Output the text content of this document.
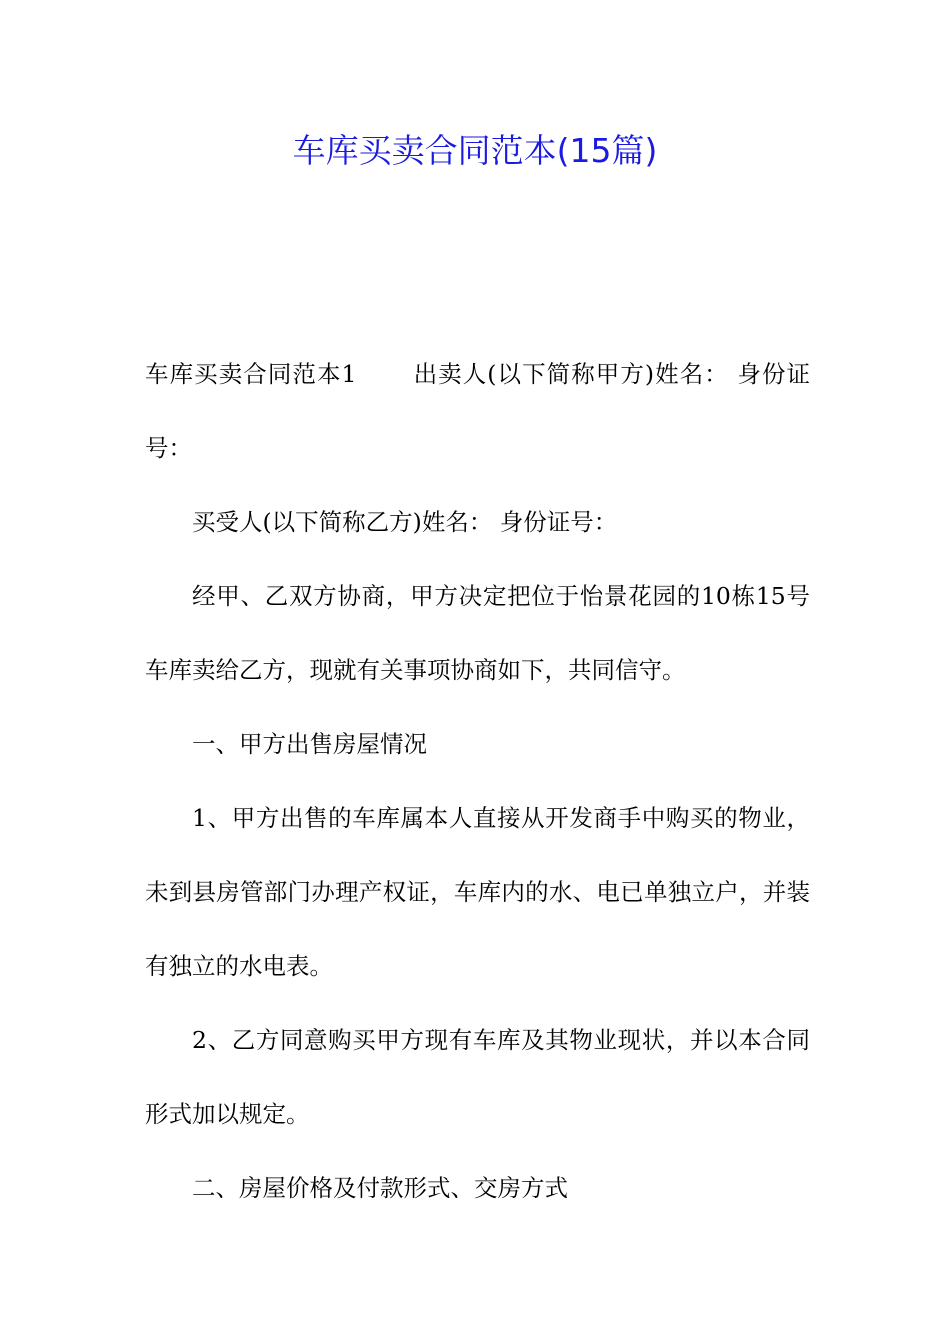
车库买卖合同范本(15篇)

车库买卖合同范本1 出卖人(以下简称甲方)姓名： 身份证号：

买受人(以下简称乙方)姓名： 身份证号：

经甲、乙双方协商，甲方决定把位于怡景花园的10栋15号车库卖给乙方，现就有关事项协商如下，共同信守。

一、甲方出售房屋情况

1、甲方出售的车库属本人直接从开发商手中购买的物业，未到县房管部门办理产权证，车库内的水、电已单独立户，并装有独立的水电表。

2、乙方同意购买甲方现有车库及其物业现状，并以本合同形式加以规定。

二、房屋价格及付款形式、交房方式
